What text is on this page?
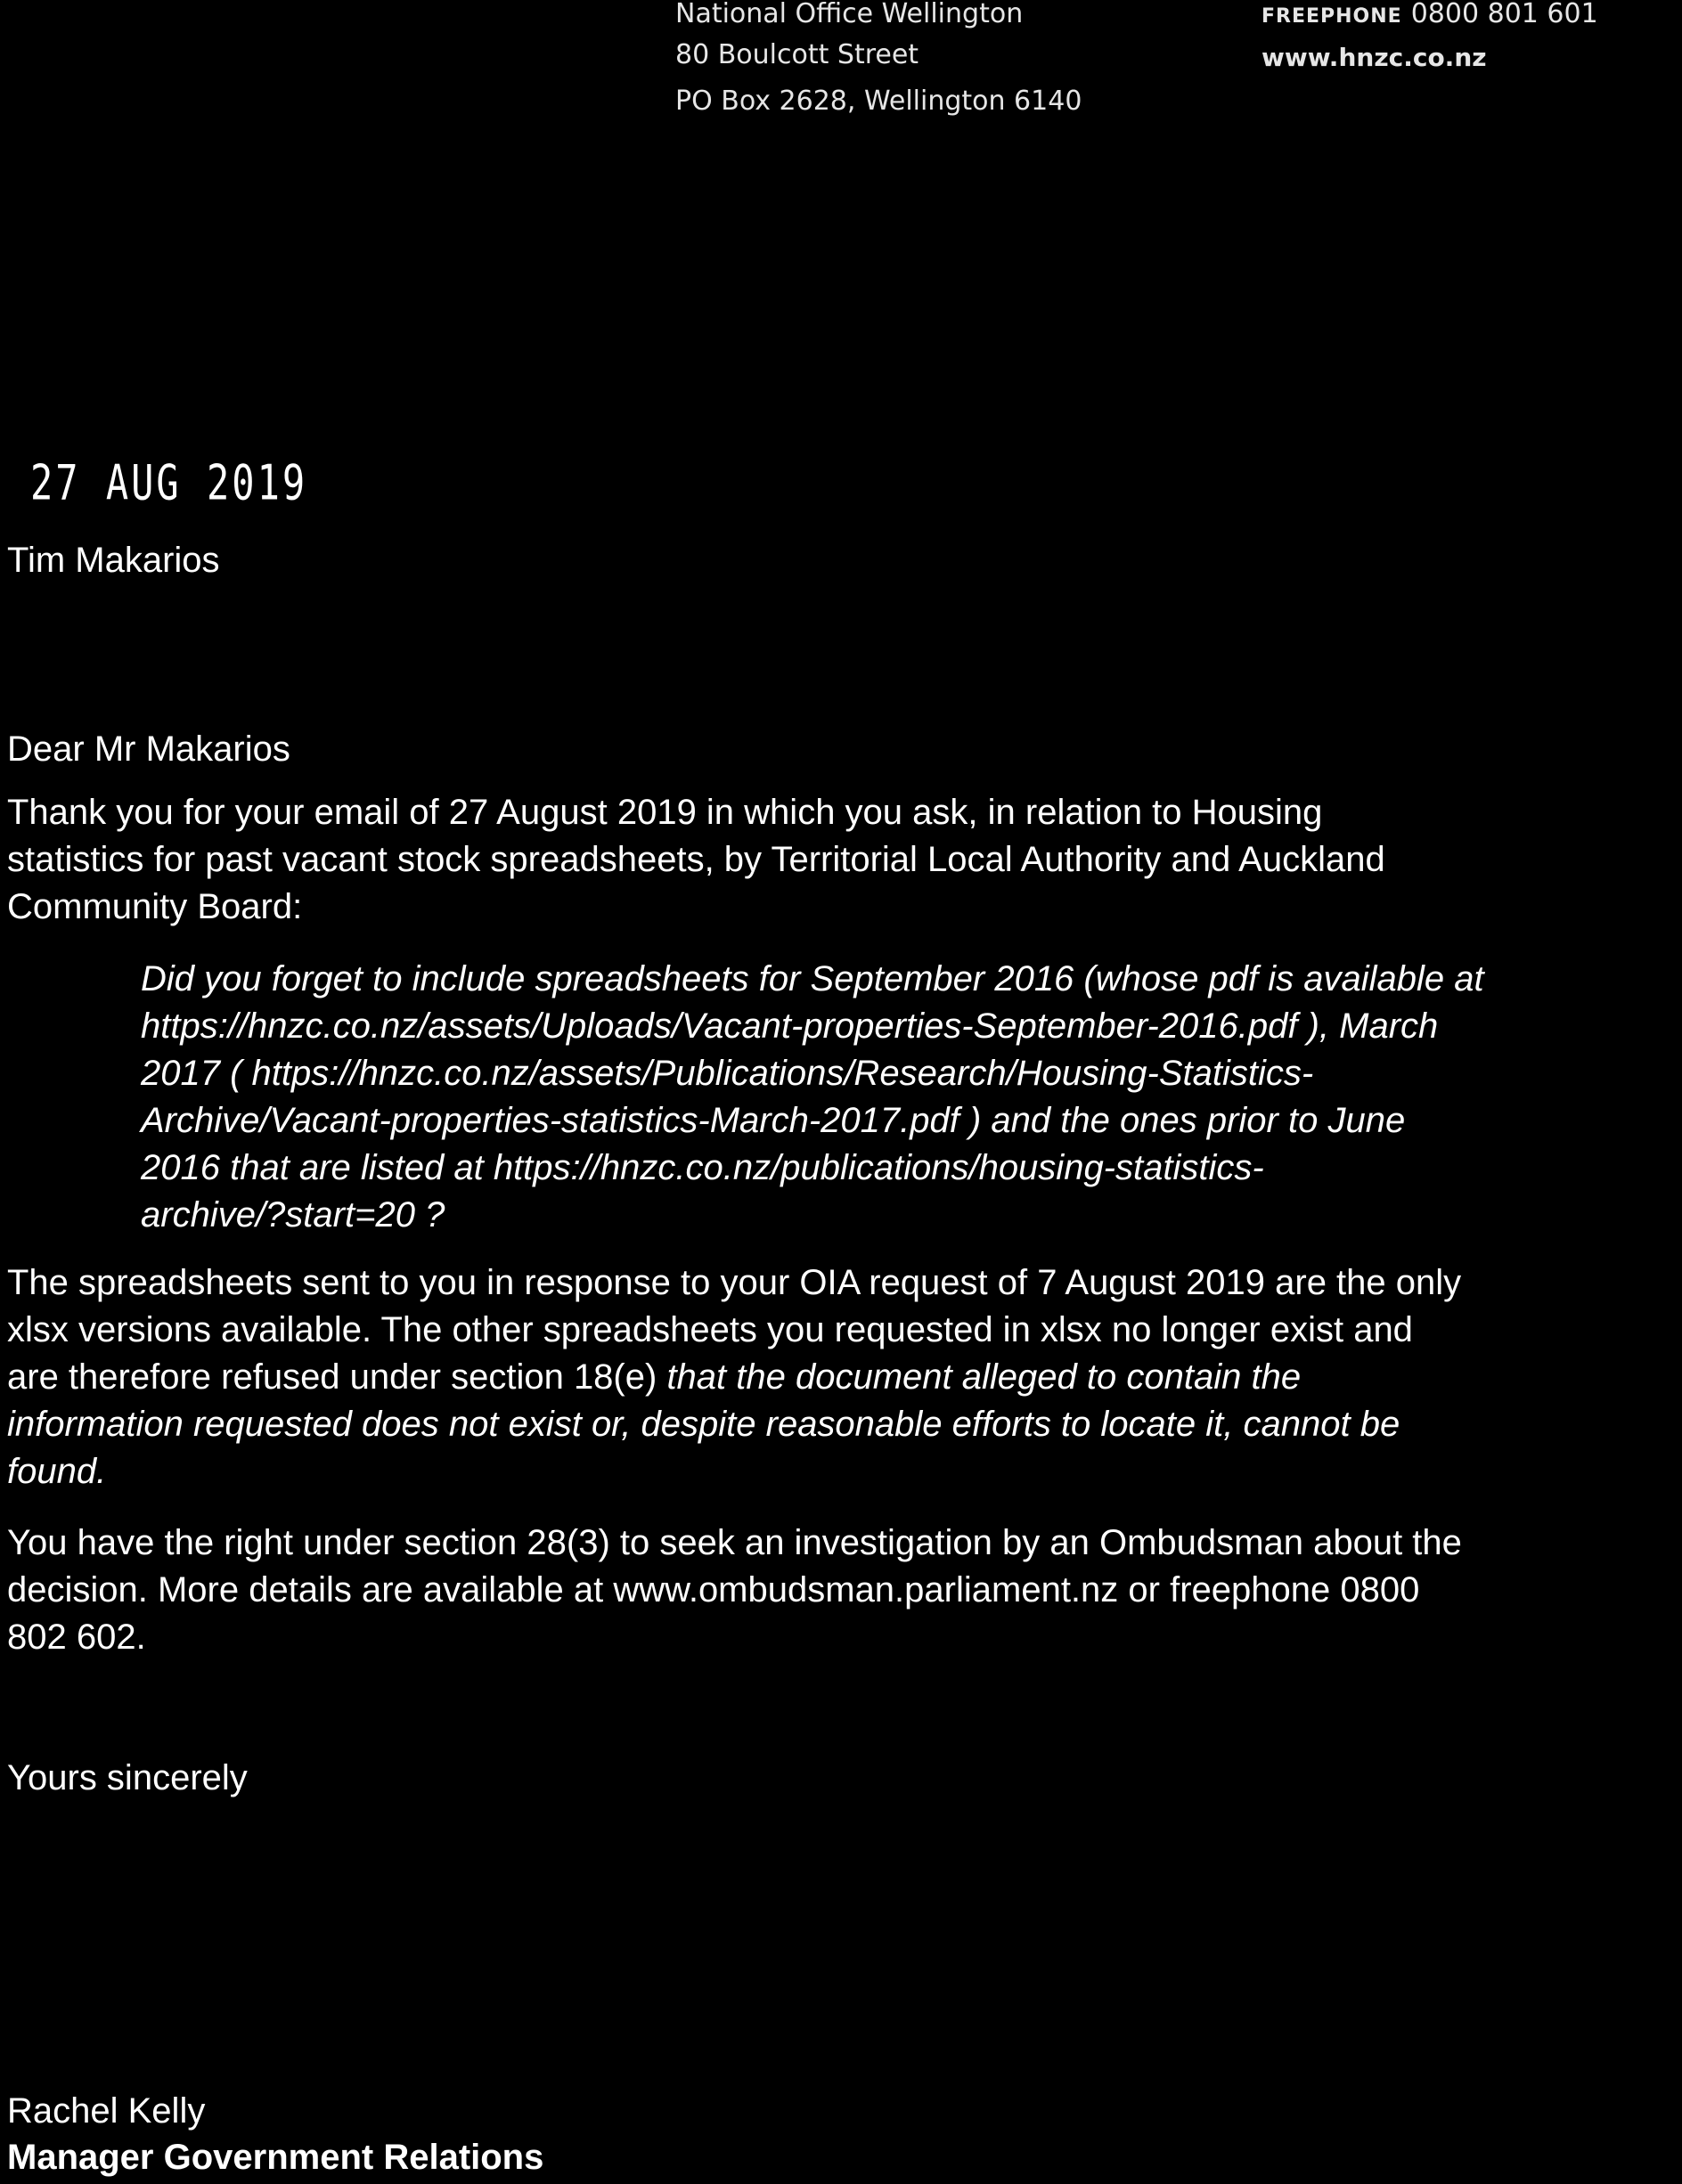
National Office Wellington
80 Boulcott Street
PO Box 2628, Wellington 6140
FREEPHONE 0800 801 601
www.hnzc.co.nz
27 AUG 2019
Tim Makarios
Dear Mr Makarios
Thank you for your email of 27 August 2019 in which you ask, in relation to Housing
statistics for past vacant stock spreadsheets, by Territorial Local Authority and Auckland
Community Board:
Did you forget to include spreadsheets for September 2016 (whose pdf is available at
https://hnzc.co.nz/assets/Uploads/Vacant-properties-September-2016.pdf ), March
2017 ( https://hnzc.co.nz/assets/Publications/Research/Housing-Statistics-
Archive/Vacant-properties-statistics-March-2017.pdf ) and the ones prior to June
2016 that are listed at https://hnzc.co.nz/publications/housing-statistics-
archive/?start=20 ?
The spreadsheets sent to you in response to your OIA request of 7 August 2019 are the only
xlsx versions available. The other spreadsheets you requested in xlsx no longer exist and
are therefore refused under section 18(e) that the document alleged to contain the
information requested does not exist or, despite reasonable efforts to locate it, cannot be
found.
You have the right under section 28(3) to seek an investigation by an Ombudsman about the
decision. More details are available at www.ombudsman.parliament.nz or freephone 0800
802 602.
Yours sincerely
Rachel Kelly
Manager Government Relations
